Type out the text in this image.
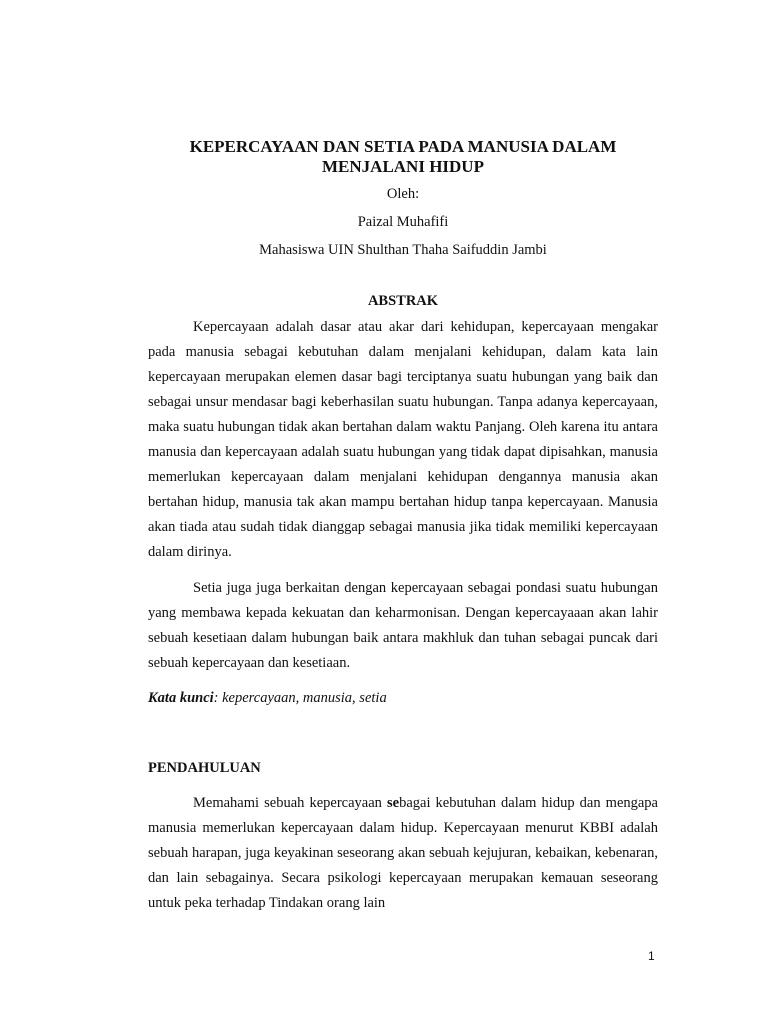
KEPERCAYAAN DAN SETIA PADA MANUSIA DALAM
MENJALANI HIDUP

Oleh:

Paizal Muhafifi

Mahasiswa UIN Shulthan Thaha Saifuddin Jambi

ABSTRAK

Kepercayaan adalah dasar atau akar dari kehidupan, kepercayaan mengakar pada manusia sebagai kebutuhan dalam menjalani kehidupan, dalam kata lain kepercayaan merupakan elemen dasar bagi terciptanya suatu hubungan yang baik dan sebagai unsur mendasar bagi keberhasilan suatu hubungan. Tanpa adanya kepercayaan, maka suatu hubungan tidak akan bertahan dalam waktu Panjang. Oleh karena itu antara manusia dan kepercayaan adalah suatu hubungan yang tidak dapat dipisahkan, manusia memerlukan kepercayaan dalam menjalani kehidupan dengannya manusia akan bertahan hidup, manusia tak akan mampu bertahan hidup tanpa kepercayaan. Manusia akan tiada atau sudah tidak dianggap sebagai manusia jika tidak memiliki kepercayaan dalam dirinya.

Setia juga juga berkaitan dengan kepercayaan sebagai pondasi suatu hubungan yang membawa kepada kekuatan dan keharmonisan. Dengan kepercayaaan akan lahir sebuah kesetiaan dalam hubungan baik antara makhluk dan tuhan sebagai puncak dari sebuah kepercayaan dan kesetiaan.

Kata kunci: kepercayaan, manusia, setia

PENDAHULUAN

Memahami sebuah kepercayaan sebagai kebutuhan dalam hidup dan mengapa manusia memerlukan kepercayaan dalam hidup. Kepercayaan menurut KBBI adalah sebuah harapan, juga keyakinan seseorang akan sebuah kejujuran, kebaikan, kebenaran, dan lain sebagainya. Secara psikologi kepercayaan merupakan kemauan seseorang untuk peka terhadap Tindakan orang lain

1
